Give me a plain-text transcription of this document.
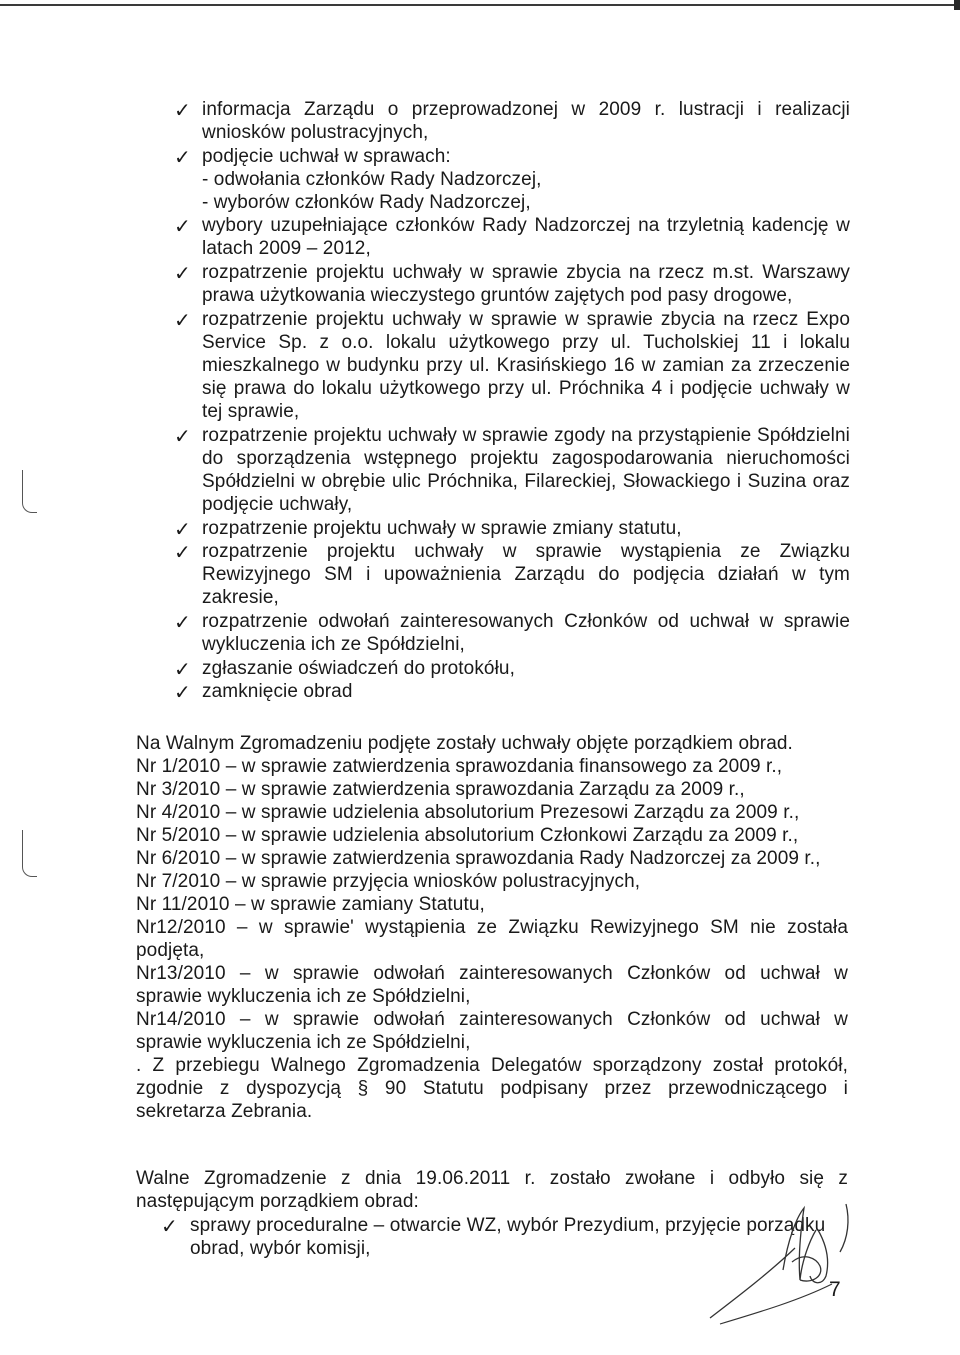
✓ informacja Zarządu o przeprowadzonej w 2009 r. lustracji i realizacji
wniosków polustracyjnych,
✓ podjęcie uchwał w sprawach:
- odwołania członków Rady Nadzorczej,
- wyborów członków Rady Nadzorczej,
✓ wybory uzupełniające członków Rady Nadzorczej na trzyletnią kadencję w
latach 2009 – 2012,
✓ rozpatrzenie projektu uchwały w sprawie zbycia na rzecz m.st. Warszawy
prawa użytkowania wieczystego gruntów zajętych pod pasy drogowe,
✓ rozpatrzenie projektu uchwały w sprawie w sprawie zbycia na rzecz Expo
Service Sp. z o.o. lokalu użytkowego przy ul. Tucholskiej 11 i lokalu
mieszkalnego w budynku przy ul. Krasińskiego 16 w zamian za zrzeczenie
się prawa do lokalu użytkowego przy ul. Próchnika 4 i podjęcie uchwały w
tej sprawie,
✓ rozpatrzenie projektu uchwały w sprawie zgody na przystąpienie Spółdzielni
do sporządzenia wstępnego projektu zagospodarowania nieruchomości
Spółdzielni w obrębie ulic Próchnika, Filareckiej, Słowackiego i Suzina oraz
podjęcie uchwały,
✓ rozpatrzenie projektu uchwały w sprawie zmiany statutu,
✓ rozpatrzenie projektu uchwały w sprawie wystąpienia ze Związku
Rewizyjnego SM i upoważnienia Zarządu do podjęcia działań w tym
zakresie,
✓ rozpatrzenie odwołań zainteresowanych Członków od uchwał w sprawie
wykluczenia ich ze Spółdzielni,
✓ zgłaszanie oświadczeń do protokółu,
✓ zamknięcie obrad
Na Walnym Zgromadzeniu podjęte zostały uchwały objęte porządkiem obrad.
Nr 1/2010 – w sprawie zatwierdzenia sprawozdania finansowego za 2009 r.,
Nr 3/2010 – w sprawie zatwierdzenia sprawozdania Zarządu za 2009 r.,
Nr 4/2010 – w sprawie udzielenia absolutorium Prezesowi Zarządu za 2009 r.,
Nr 5/2010 – w sprawie udzielenia absolutorium Członkowi Zarządu za 2009 r.,
Nr 6/2010 – w sprawie zatwierdzenia sprawozdania Rady Nadzorczej za 2009 r.,
Nr 7/2010 – w sprawie przyjęcia wniosków polustracyjnych,
Nr 11/2010 – w sprawie zamiany Statutu,
Nr12/2010 – w sprawie' wystąpienia ze Związku Rewizyjnego SM nie została
podjęta,
Nr13/2010 – w sprawie odwołań zainteresowanych Członków od uchwał w
sprawie wykluczenia ich ze Spółdzielni,
Nr14/2010 – w sprawie odwołań zainteresowanych Członków od uchwał w
sprawie wykluczenia ich ze Spółdzielni,
. Z przebiegu Walnego Zgromadzenia Delegatów sporządzony został protokół,
zgodnie z dyspozycją § 90 Statutu podpisany przez przewodniczącego i
sekretarza Zebrania.
Walne Zgromadzenie z dnia 19.06.2011 r. zostało zwołane i odbyło się z
następującym porządkiem obrad:
✓ sprawy proceduralne – otwarcie WZ, wybór Prezydium, przyjęcie porządku
obrad, wybór komisji,
7
